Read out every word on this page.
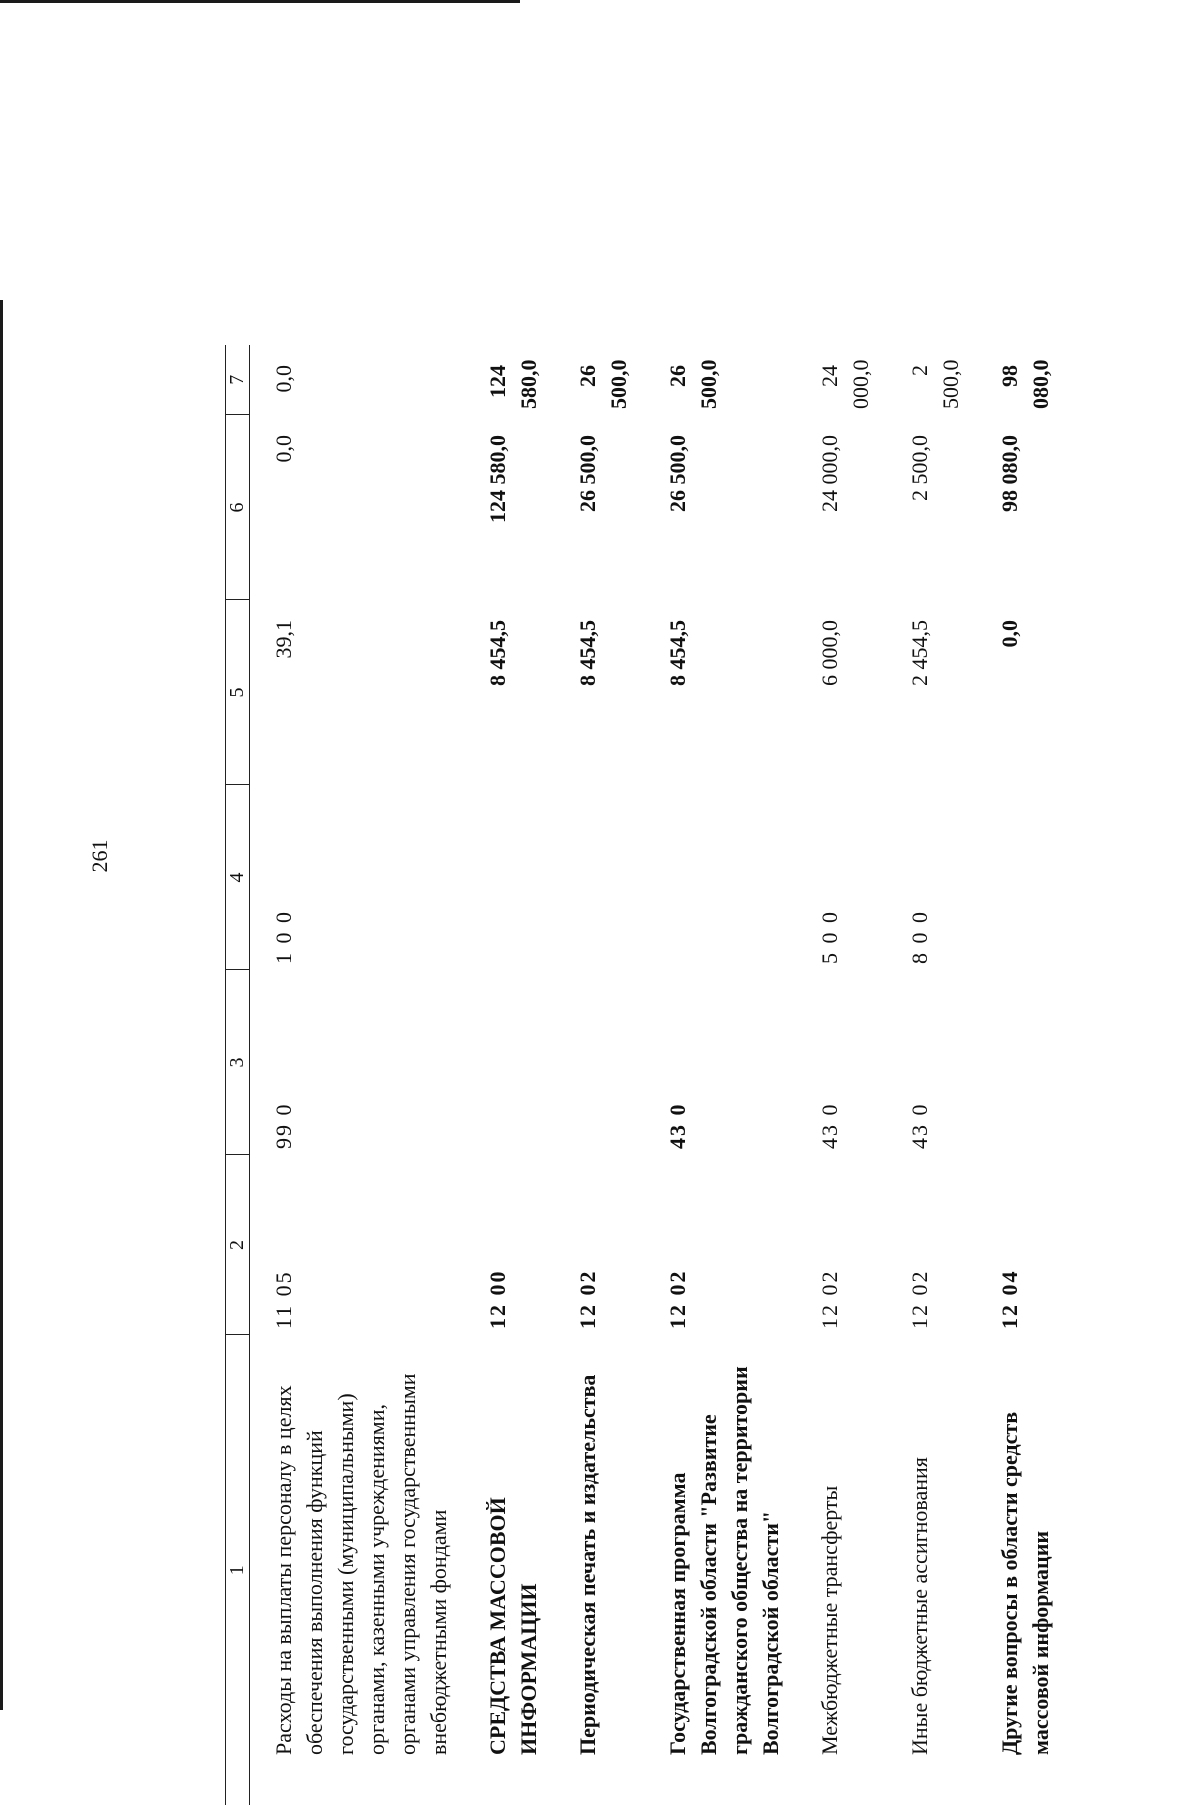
261
1	2	3	4	5	6	7
Расходы на выплаты персоналу в целях обеспечения выполнения функций государственными (муниципальными) органами, казенными учреждениями, органами управления государственными внебюджетными фондами	11 05	99 0	1 0 0	39,1	0,0	0,0
СРЕДСТВА МАССОВОЙ ИНФОРМАЦИИ	12 00			8 454,5	124 580,0	124 580,0
Периодическая печать и издательства	12 02			8 454,5	26 500,0	26 500,0
Государственная программа Волгоградской области "Развитие гражданского общества на территории Волгоградской области"	12 02	43 0		8 454,5	26 500,0	26 500,0
Межбюджетные трансферты	12 02	43 0	5 0 0	6 000,0	24 000,0	24 000,0
Иные бюджетные ассигнования	12 02	43 0	8 0 0	2 454,5	2 500,0	2 500,0
Другие вопросы в области средств массовой информации	12 04			0,0	98 080,0	98 080,0
